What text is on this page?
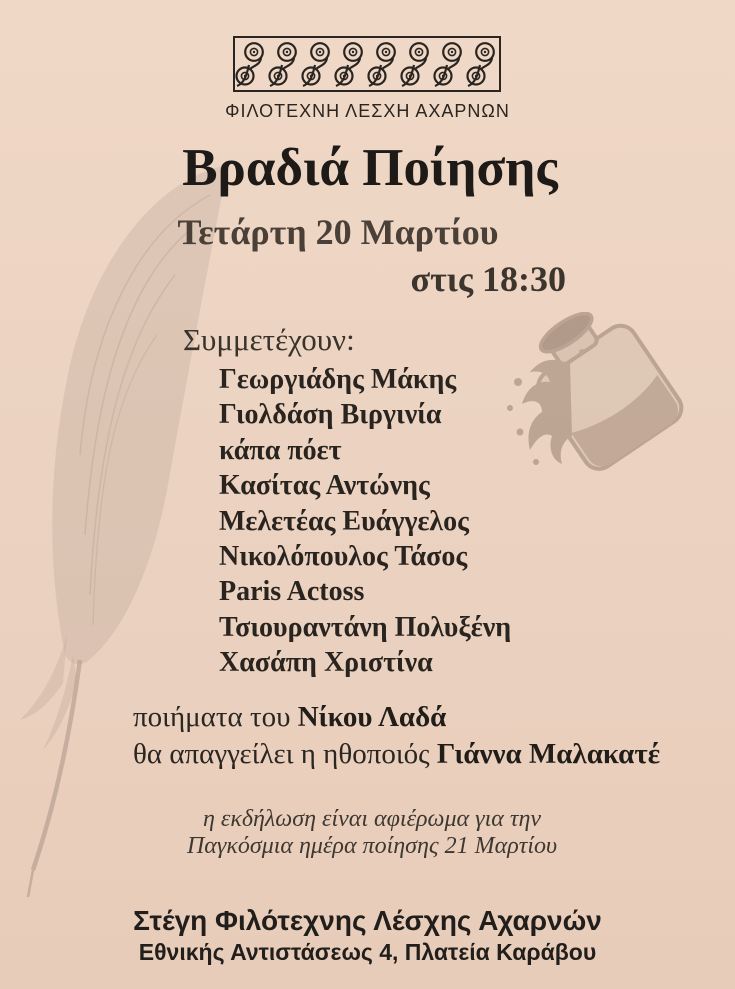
ΦΙΛΟΤΕΧΝΗ ΛΕΣΧΗ ΑΧΑΡΝΩΝ
Βραδιά Ποίησης
Τετάρτη 20 Μαρτίου
στις 18:30
Συμμετέχουν:
Γεωργιάδης Μάκης
Γιολδάση Βιργινία
κάπα πόετ
Κασίτας Αντώνης
Μελετέας Ευάγγελος
Νικολόπουλος Τάσος
Paris Actoss
Τσιουραντάνη Πολυξένη
Χασάπη Χριστίνα
ποιήματα του Νίκου Λαδά
θα απαγγείλει η ηθοποιός Γιάννα Μαλακατέ
η εκδήλωση είναι αφιέρωμα για την
Παγκόσμια ημέρα ποίησης 21 Μαρτίου
Στέγη Φιλότεχνης Λέσχης Αχαρνών
Εθνικής Αντιστάσεως 4, Πλατεία Καράβου
